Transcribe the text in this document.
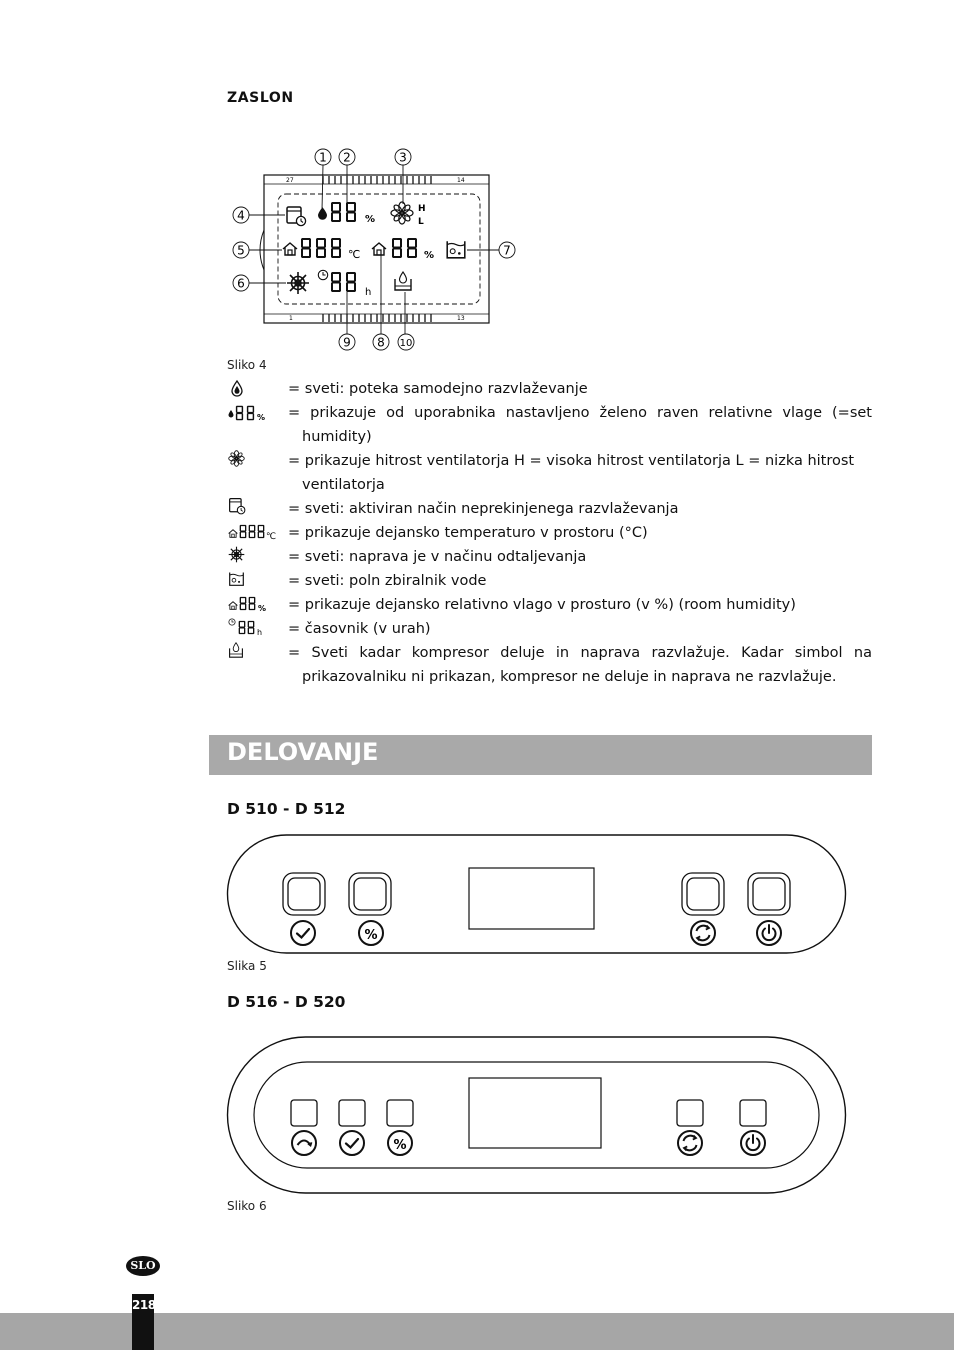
ZASLON
27	14
1	13
%
H
L
℃	%
h
1 2	3
4
5
6
7
8
9	10
Sliko 4
= sveti: poteka samodejno razvlaževanje
% = prikazuje od uporabnika nastavljeno želeno raven relativne vlage (=set
humidity)
= prikazuje hitrost ventilatorja H = visoka hitrost ventilatorja L = nizka hitrost
ventilatorja
= sveti: aktiviran način neprekinjenega razvlaževanja
℃ = prikazuje dejansko temperaturo v prostoru (°C)
= sveti: naprava je v načinu odtaljevanja
= sveti: poln zbiralnik vode
% = prikazuje dejansko relativno vlago v prosturo (v %) (room humidity)
h = časovnik (v urah)
= Sveti kadar kompresor deluje in naprava razvlažuje. Kadar simbol na
prikazovalniku ni prikazan, kompresor ne deluje in naprava ne razvlažuje.
DELOVANJE
D 510 - D 512
%
Slika 5
D 516 - D 520
%
Sliko 6
SLO
218
